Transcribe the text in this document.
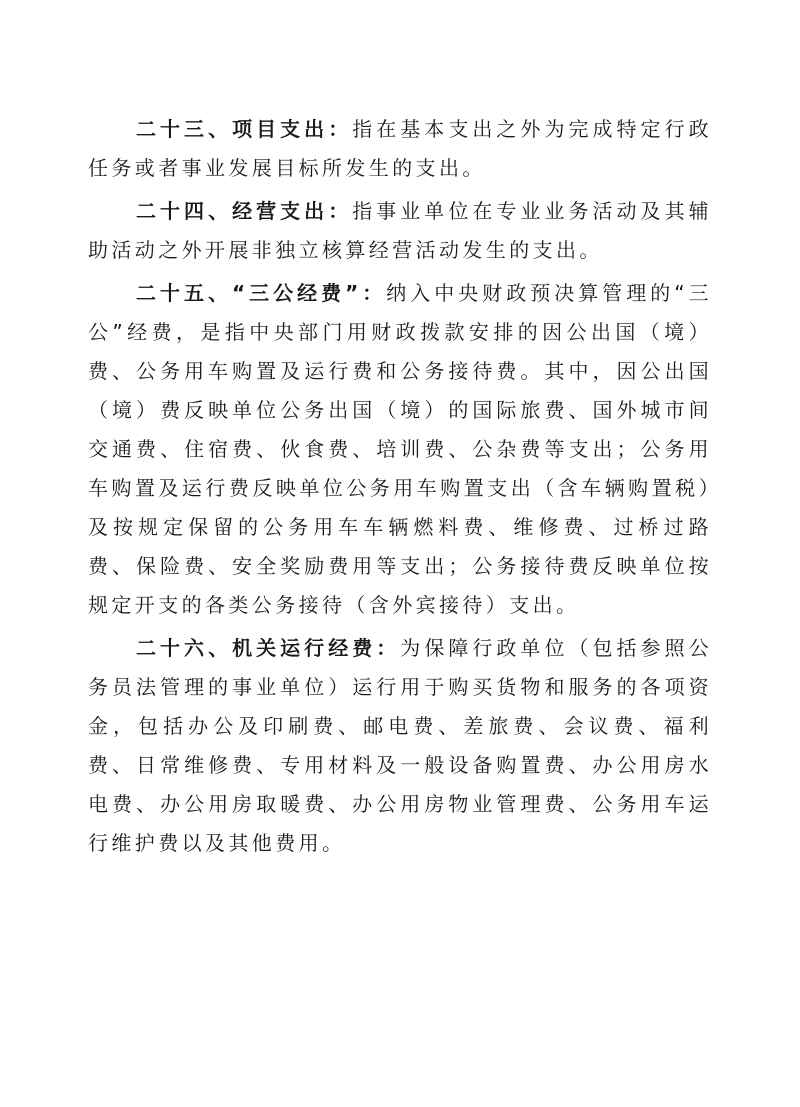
二十三、项目支出：指在基本支出之外为完成特定行政任务或者事业发展目标所发生的支出。

二十四、经营支出：指事业单位在专业业务活动及其辅助活动之外开展非独立核算经营活动发生的支出。

二十五、“三公经费”：纳入中央财政预决算管理的“三公”经费，是指中央部门用财政拨款安排的因公出国（境）费、公务用车购置及运行费和公务接待费。其中，因公出国（境）费反映单位公务出国（境）的国际旅费、国外城市间交通费、住宿费、伙食费、培训费、公杂费等支出；公务用车购置及运行费反映单位公务用车购置支出（含车辆购置税）及按规定保留的公务用车车辆燃料费、维修费、过桥过路费、保险费、安全奖励费用等支出；公务接待费反映单位按规定开支的各类公务接待（含外宾接待）支出。

二十六、机关运行经费：为保障行政单位（包括参照公务员法管理的事业单位）运行用于购买货物和服务的各项资金，包括办公及印刷费、邮电费、差旅费、会议费、福利费、日常维修费、专用材料及一般设备购置费、办公用房水电费、办公用房取暖费、办公用房物业管理费、公务用车运行维护费以及其他费用。
